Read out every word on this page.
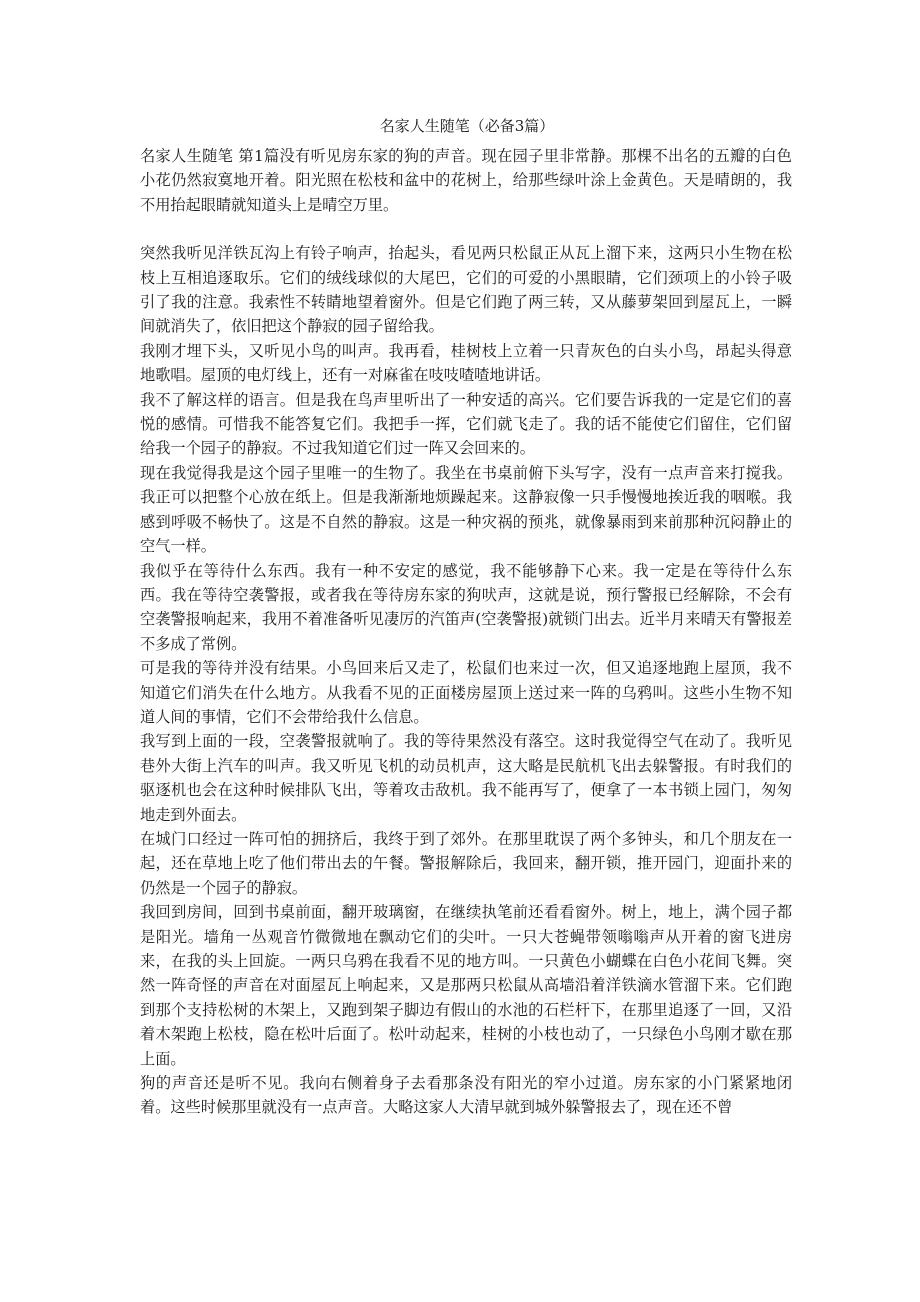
名家人生随笔（必备3篇）

名家人生随笔 第1篇没有听见房东家的狗的声音。现在园子里非常静。那棵不出名的五瓣的白色小花仍然寂寞地开着。阳光照在松枝和盆中的花树上，给那些绿叶涂上金黄色。天是晴朗的，我不用抬起眼睛就知道头上是晴空万里。

突然我听见洋铁瓦沟上有铃子响声，抬起头，看见两只松鼠正从瓦上溜下来，这两只小生物在松枝上互相追逐取乐。它们的绒线球似的大尾巴，它们的可爱的小黑眼睛，它们颈项上的小铃子吸引了我的注意。我索性不转睛地望着窗外。但是它们跑了两三转，又从藤萝架回到屋瓦上，一瞬间就消失了，依旧把这个静寂的园子留给我。

我刚才埋下头，又听见小鸟的叫声。我再看，桂树枝上立着一只青灰色的白头小鸟，昂起头得意地歌唱。屋顶的电灯线上，还有一对麻雀在吱吱喳喳地讲话。

我不了解这样的语言。但是我在鸟声里听出了一种安适的高兴。它们要告诉我的一定是它们的喜悦的感情。可惜我不能答复它们。我把手一挥，它们就飞走了。我的话不能使它们留住，它们留给我一个园子的静寂。不过我知道它们过一阵又会回来的。

现在我觉得我是这个园子里唯一的生物了。我坐在书桌前俯下头写字，没有一点声音来打搅我。我正可以把整个心放在纸上。但是我渐渐地烦躁起来。这静寂像一只手慢慢地挨近我的咽喉。我感到呼吸不畅快了。这是不自然的静寂。这是一种灾祸的预兆，就像暴雨到来前那种沉闷静止的空气一样。

我似乎在等待什么东西。我有一种不安定的感觉，我不能够静下心来。我一定是在等待什么东西。我在等待空袭警报，或者我在等待房东家的狗吠声，这就是说，预行警报已经解除，不会有空袭警报响起来，我用不着准备听见凄厉的汽笛声(空袭警报)就锁门出去。近半月来晴天有警报差不多成了常例。

可是我的等待并没有结果。小鸟回来后又走了，松鼠们也来过一次，但又追逐地跑上屋顶，我不知道它们消失在什么地方。从我看不见的正面楼房屋顶上送过来一阵的乌鸦叫。这些小生物不知道人间的事情，它们不会带给我什么信息。

我写到上面的一段，空袭警报就响了。我的等待果然没有落空。这时我觉得空气在动了。我听见巷外大街上汽车的叫声。我又听见飞机的动员机声，这大略是民航机飞出去躲警报。有时我们的驱逐机也会在这种时候排队飞出，等着攻击敌机。我不能再写了，便拿了一本书锁上园门，匆匆地走到外面去。

在城门口经过一阵可怕的拥挤后，我终于到了郊外。在那里耽误了两个多钟头，和几个朋友在一起，还在草地上吃了他们带出去的午餐。警报解除后，我回来，翻开锁，推开园门，迎面扑来的仍然是一个园子的静寂。

我回到房间，回到书桌前面，翻开玻璃窗，在继续执笔前还看看窗外。树上，地上，满个园子都是阳光。墙角一丛观音竹微微地在飘动它们的尖叶。一只大苍蝇带领嗡嗡声从开着的窗飞进房来，在我的头上回旋。一两只乌鸦在我看不见的地方叫。一只黄色小蝴蝶在白色小花间飞舞。突然一阵奇怪的声音在对面屋瓦上响起来，又是那两只松鼠从高墙沿着洋铁滴水管溜下来。它们跑到那个支持松树的木架上，又跑到架子脚边有假山的水池的石栏杆下，在那里追逐了一回，又沿着木架跑上松枝，隐在松叶后面了。松叶动起来，桂树的小枝也动了，一只绿色小鸟刚才歇在那上面。

狗的声音还是听不见。我向右侧着身子去看那条没有阳光的窄小过道。房东家的小门紧紧地闭着。这些时候那里就没有一点声音。大略这家人大清早就到城外躲警报去了，现在还不曾
